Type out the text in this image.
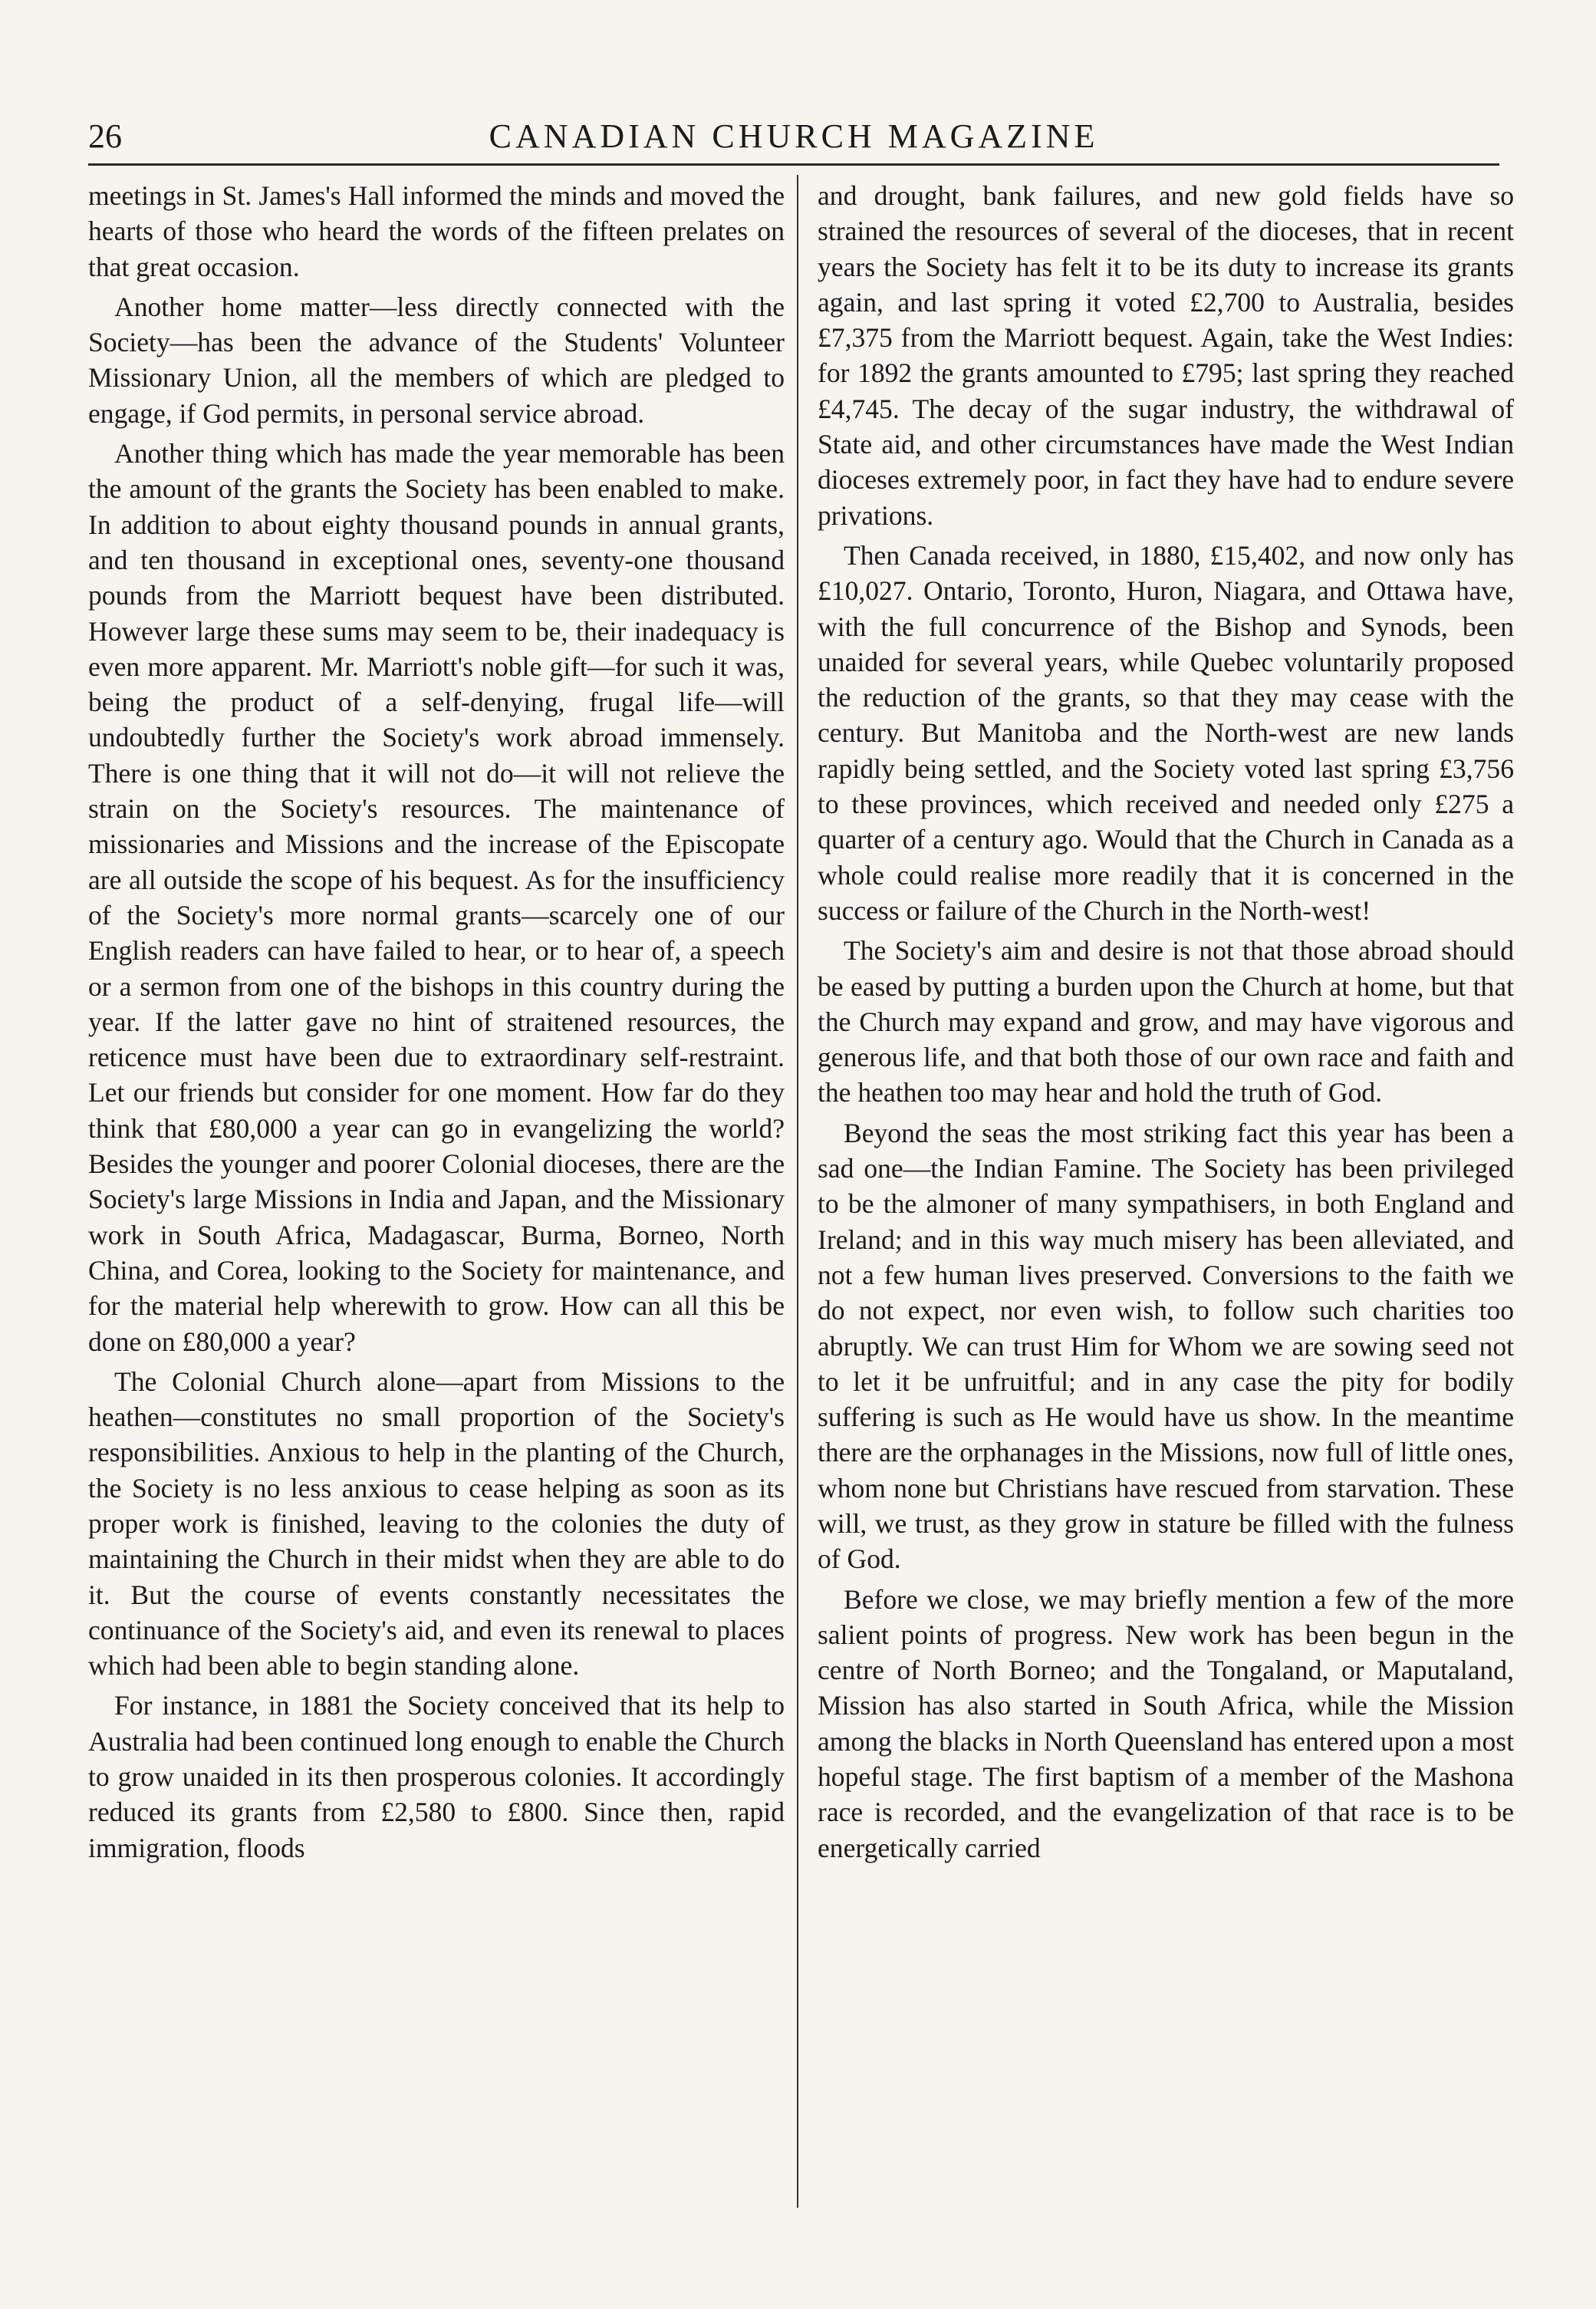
26	CANADIAN CHURCH MAGAZINE

meetings in St. James's Hall informed the minds and moved the hearts of those who heard the words of the fifteen prelates on that great occasion.

Another home matter—less directly connected with the Society—has been the advance of the Students' Volunteer Missionary Union, all the members of which are pledged to engage, if God permits, in personal service abroad.

Another thing which has made the year memorable has been the amount of the grants the Society has been enabled to make. In addition to about eighty thousand pounds in annual grants, and ten thousand in exceptional ones, seventy-one thousand pounds from the Marriott bequest have been distributed. However large these sums may seem to be, their inadequacy is even more apparent. Mr. Marriott's noble gift—for such it was, being the product of a self-denying, frugal life—will undoubtedly further the Society's work abroad immensely. There is one thing that it will not do—it will not relieve the strain on the Society's resources. The maintenance of missionaries and Missions and the increase of the Episcopate are all outside the scope of his bequest. As for the insufficiency of the Society's more normal grants—scarcely one of our English readers can have failed to hear, or to hear of, a speech or a sermon from one of the bishops in this country during the year. If the latter gave no hint of straitened resources, the reticence must have been due to extraordinary self-restraint. Let our friends but consider for one moment. How far do they think that £80,000 a year can go in evangelizing the world? Besides the younger and poorer Colonial dioceses, there are the Society's large Missions in India and Japan, and the Missionary work in South Africa, Madagascar, Burma, Borneo, North China, and Corea, looking to the Society for maintenance, and for the material help wherewith to grow. How can all this be done on £80,000 a year?

The Colonial Church alone—apart from Missions to the heathen—constitutes no small proportion of the Society's responsibilities. Anxious to help in the planting of the Church, the Society is no less anxious to cease helping as soon as its proper work is finished, leaving to the colonies the duty of maintaining the Church in their midst when they are able to do it. But the course of events constantly necessitates the continuance of the Society's aid, and even its renewal to places which had been able to begin standing alone.

For instance, in 1881 the Society conceived that its help to Australia had been continued long enough to enable the Church to grow unaided in its then prosperous colonies. It accordingly reduced its grants from £2,580 to £800. Since then, rapid immigration, floods

and drought, bank failures, and new gold fields have so strained the resources of several of the dioceses, that in recent years the Society has felt it to be its duty to increase its grants again, and last spring it voted £2,700 to Australia, besides £7,375 from the Marriott bequest. Again, take the West Indies: for 1892 the grants amounted to £795; last spring they reached £4,745. The decay of the sugar industry, the withdrawal of State aid, and other circumstances have made the West Indian dioceses extremely poor, in fact they have had to endure severe privations.

Then Canada received, in 1880, £15,402, and now only has £10,027. Ontario, Toronto, Huron, Niagara, and Ottawa have, with the full concurrence of the Bishop and Synods, been unaided for several years, while Quebec voluntarily proposed the reduction of the grants, so that they may cease with the century. But Manitoba and the North-west are new lands rapidly being settled, and the Society voted last spring £3,756 to these provinces, which received and needed only £275 a quarter of a century ago. Would that the Church in Canada as a whole could realise more readily that it is concerned in the success or failure of the Church in the North-west!

The Society's aim and desire is not that those abroad should be eased by putting a burden upon the Church at home, but that the Church may expand and grow, and may have vigorous and generous life, and that both those of our own race and faith and the heathen too may hear and hold the truth of God.

Beyond the seas the most striking fact this year has been a sad one—the Indian Famine. The Society has been privileged to be the almoner of many sympathisers, in both England and Ireland; and in this way much misery has been alleviated, and not a few human lives preserved. Conversions to the faith we do not expect, nor even wish, to follow such charities too abruptly. We can trust Him for Whom we are sowing seed not to let it be unfruitful; and in any case the pity for bodily suffering is such as He would have us show. In the meantime there are the orphanages in the Missions, now full of little ones, whom none but Christians have rescued from starvation. These will, we trust, as they grow in stature be filled with the fulness of God.

Before we close, we may briefly mention a few of the more salient points of progress. New work has been begun in the centre of North Borneo; and the Tongaland, or Maputaland, Mission has also started in South Africa, while the Mission among the blacks in North Queensland has entered upon a most hopeful stage. The first baptism of a member of the Mashona race is recorded, and the evangelization of that race is to be energetically carried
